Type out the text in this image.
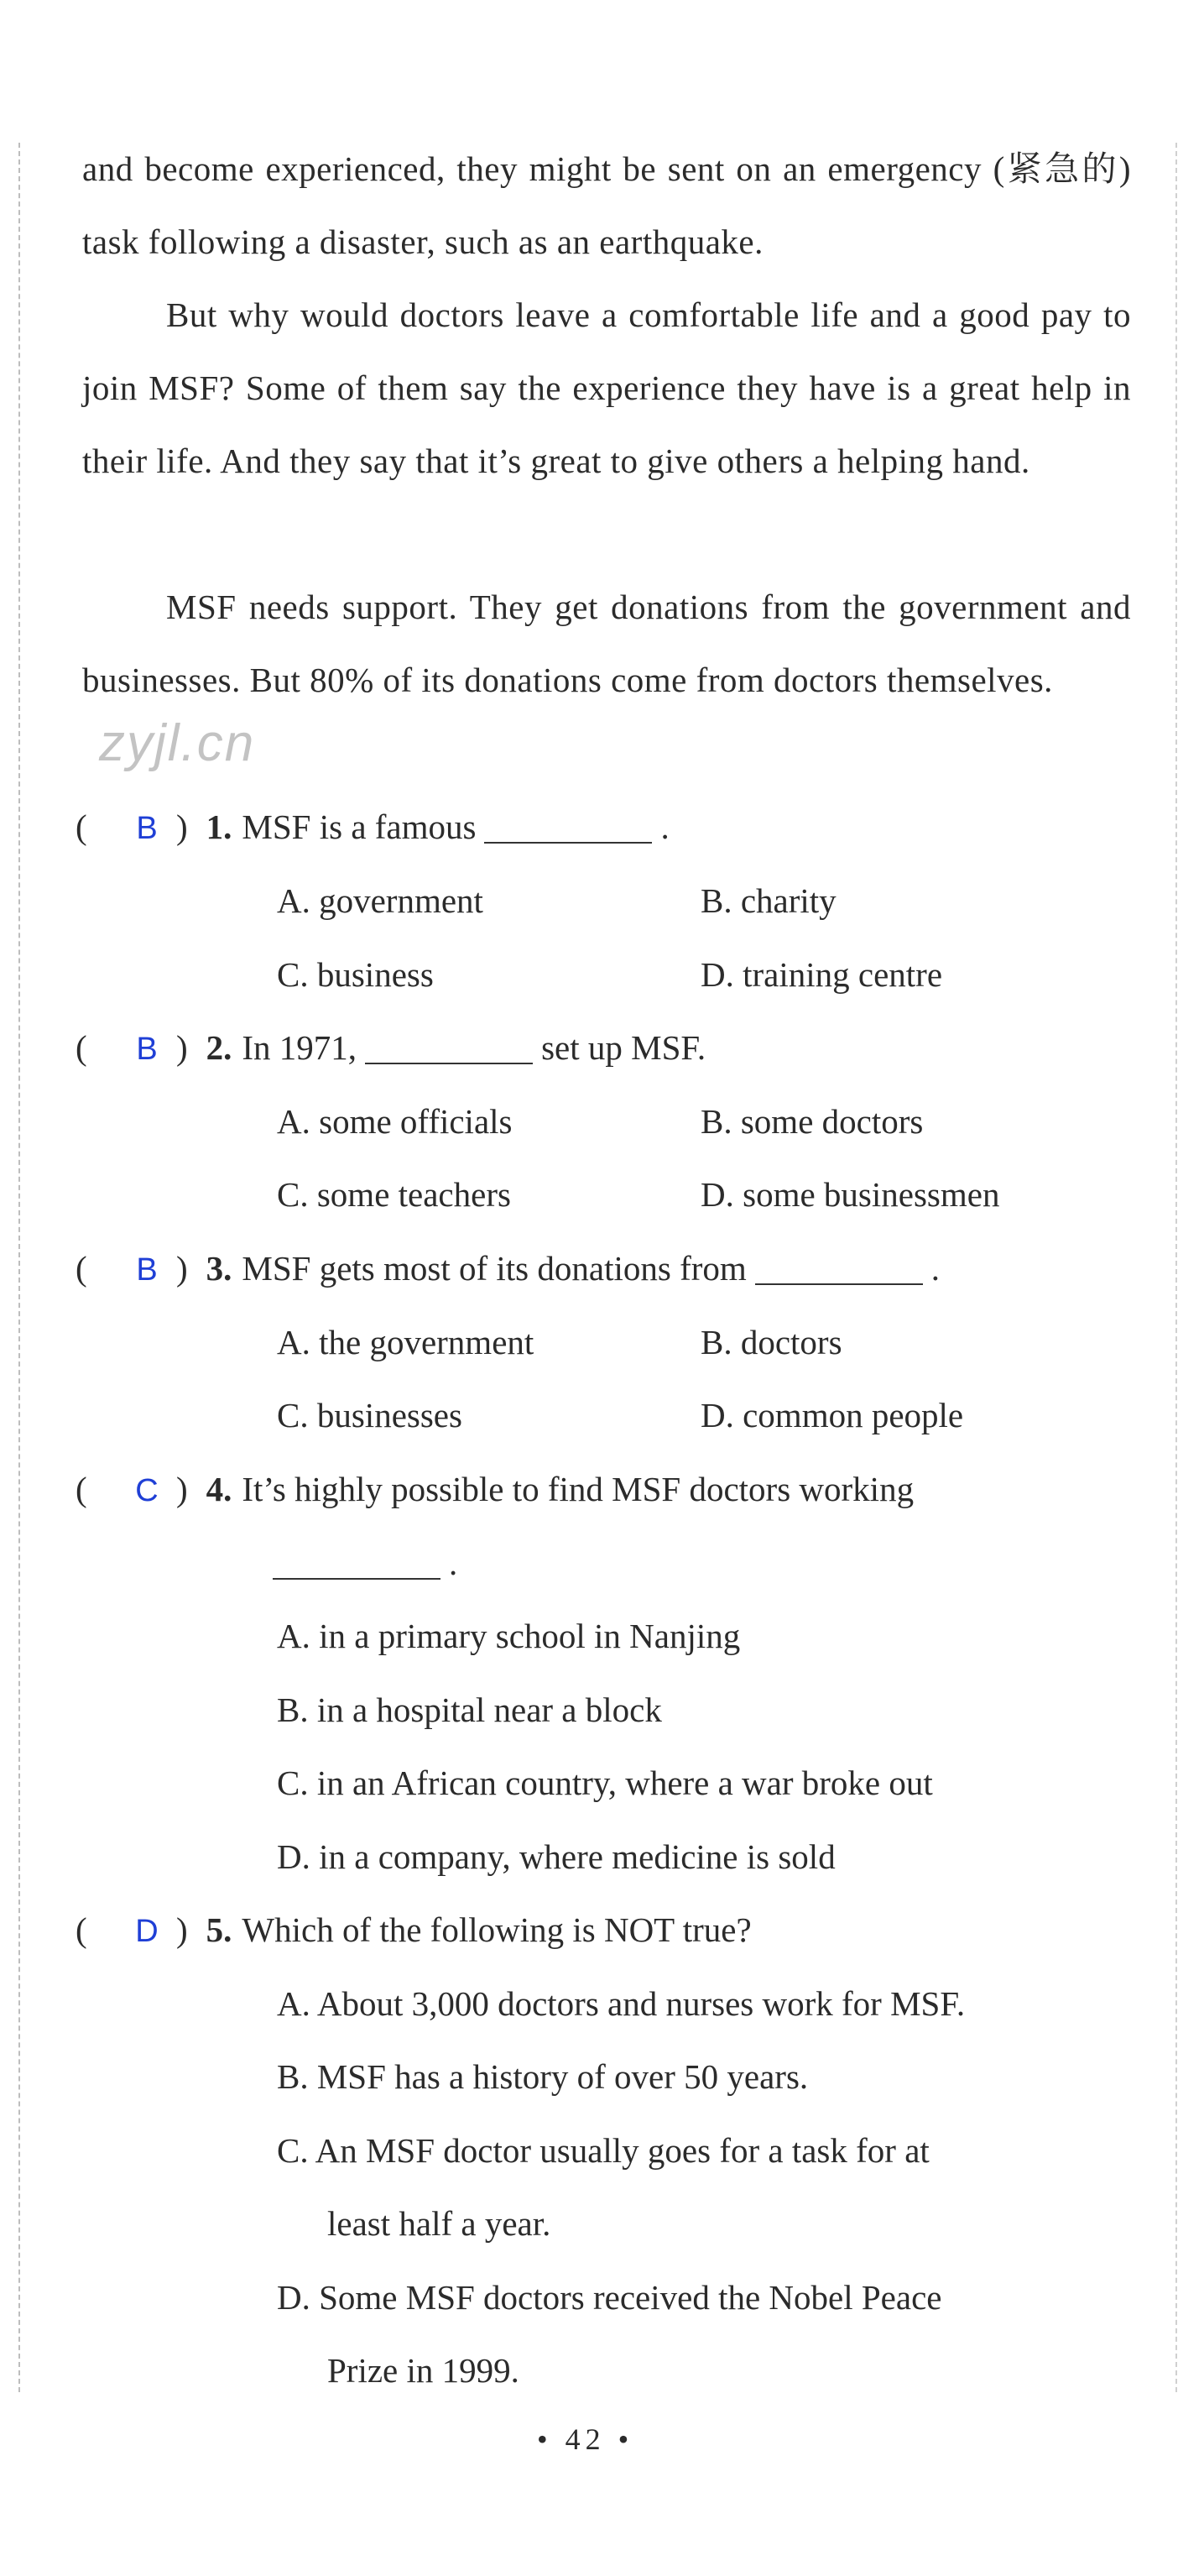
and become experienced, they might be sent on an emergency (紧急的) task following a disaster, such as an earthquake.
But why would doctors leave a comfortable life and a good pay to join MSF? Some of them say the experience they have is a great help in their life. And they say that it’s great to give others a helping hand.
MSF needs support. They get donations from the government and businesses. But 80% of its donations come from doctors themselves.
zyjl.cn
( B ) 1. MSF is a famous	.
A. government	B. charity
C. business	D. training centre
( B ) 2. In 1971,	set up MSF.
A. some officials	B. some doctors
C. some teachers	D. some businessmen
( B ) 3. MSF gets most of its donations from	.
A. the government	B. doctors
C. businesses	D. common people
( C ) 4. It’s highly possible to find MSF doctors working
.
A. in a primary school in Nanjing
B. in a hospital near a block
C. in an African country, where a war broke out
D. in a company, where medicine is sold
( D ) 5. Which of the following is NOT true?
A. About 3,000 doctors and nurses work for MSF.
B. MSF has a history of over 50 years.
C. An MSF doctor usually goes for a task for at
least half a year.
D. Some MSF doctors received the Nobel Peace
Prize in 1999.
• 42 •
